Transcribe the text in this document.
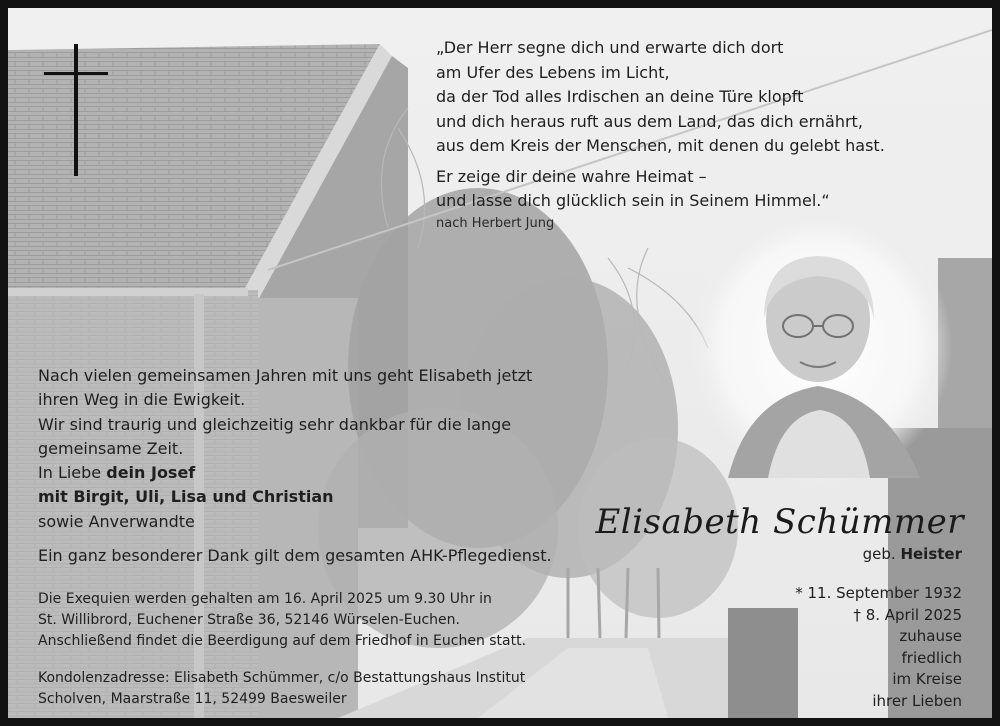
„Der Herr segne dich und erwarte dich dort
am Ufer des Lebens im Licht,
da der Tod alles Irdischen an deine Türe klopft
und dich heraus ruft aus dem Land, das dich ernährt,
aus dem Kreis der Menschen, mit denen du gelebt hast.
Er zeige dir deine wahre Heimat –
und lasse dich glücklich sein in Seinem Himmel.“
nach Herbert Jung
Nach vielen gemeinsamen Jahren mit uns geht Elisabeth jetzt
ihren Weg in die Ewigkeit.
Wir sind traurig und gleichzeitig sehr dankbar für die lange
gemeinsame Zeit.
In Liebe dein Josef
mit Birgit, Uli, Lisa und Christian
sowie Anverwandte
Ein ganz besonderer Dank gilt dem gesamten AHK-Pflegedienst.
Die Exequien werden gehalten am 16. April 2025 um 9.30 Uhr in
St. Willibrord, Euchener Straße 36, 52146 Würselen-Euchen.
Anschließend findet die Beerdigung auf dem Friedhof in Euchen statt.
Kondolenzadresse: Elisabeth Schümmer, c/o Bestattungshaus Institut
Scholven, Maarstraße 11, 52499 Baesweiler
Elisabeth Schümmer
geb. Heister
* 11. September 1932
† 8. April 2025
zuhause
friedlich
im Kreise
ihrer Lieben
